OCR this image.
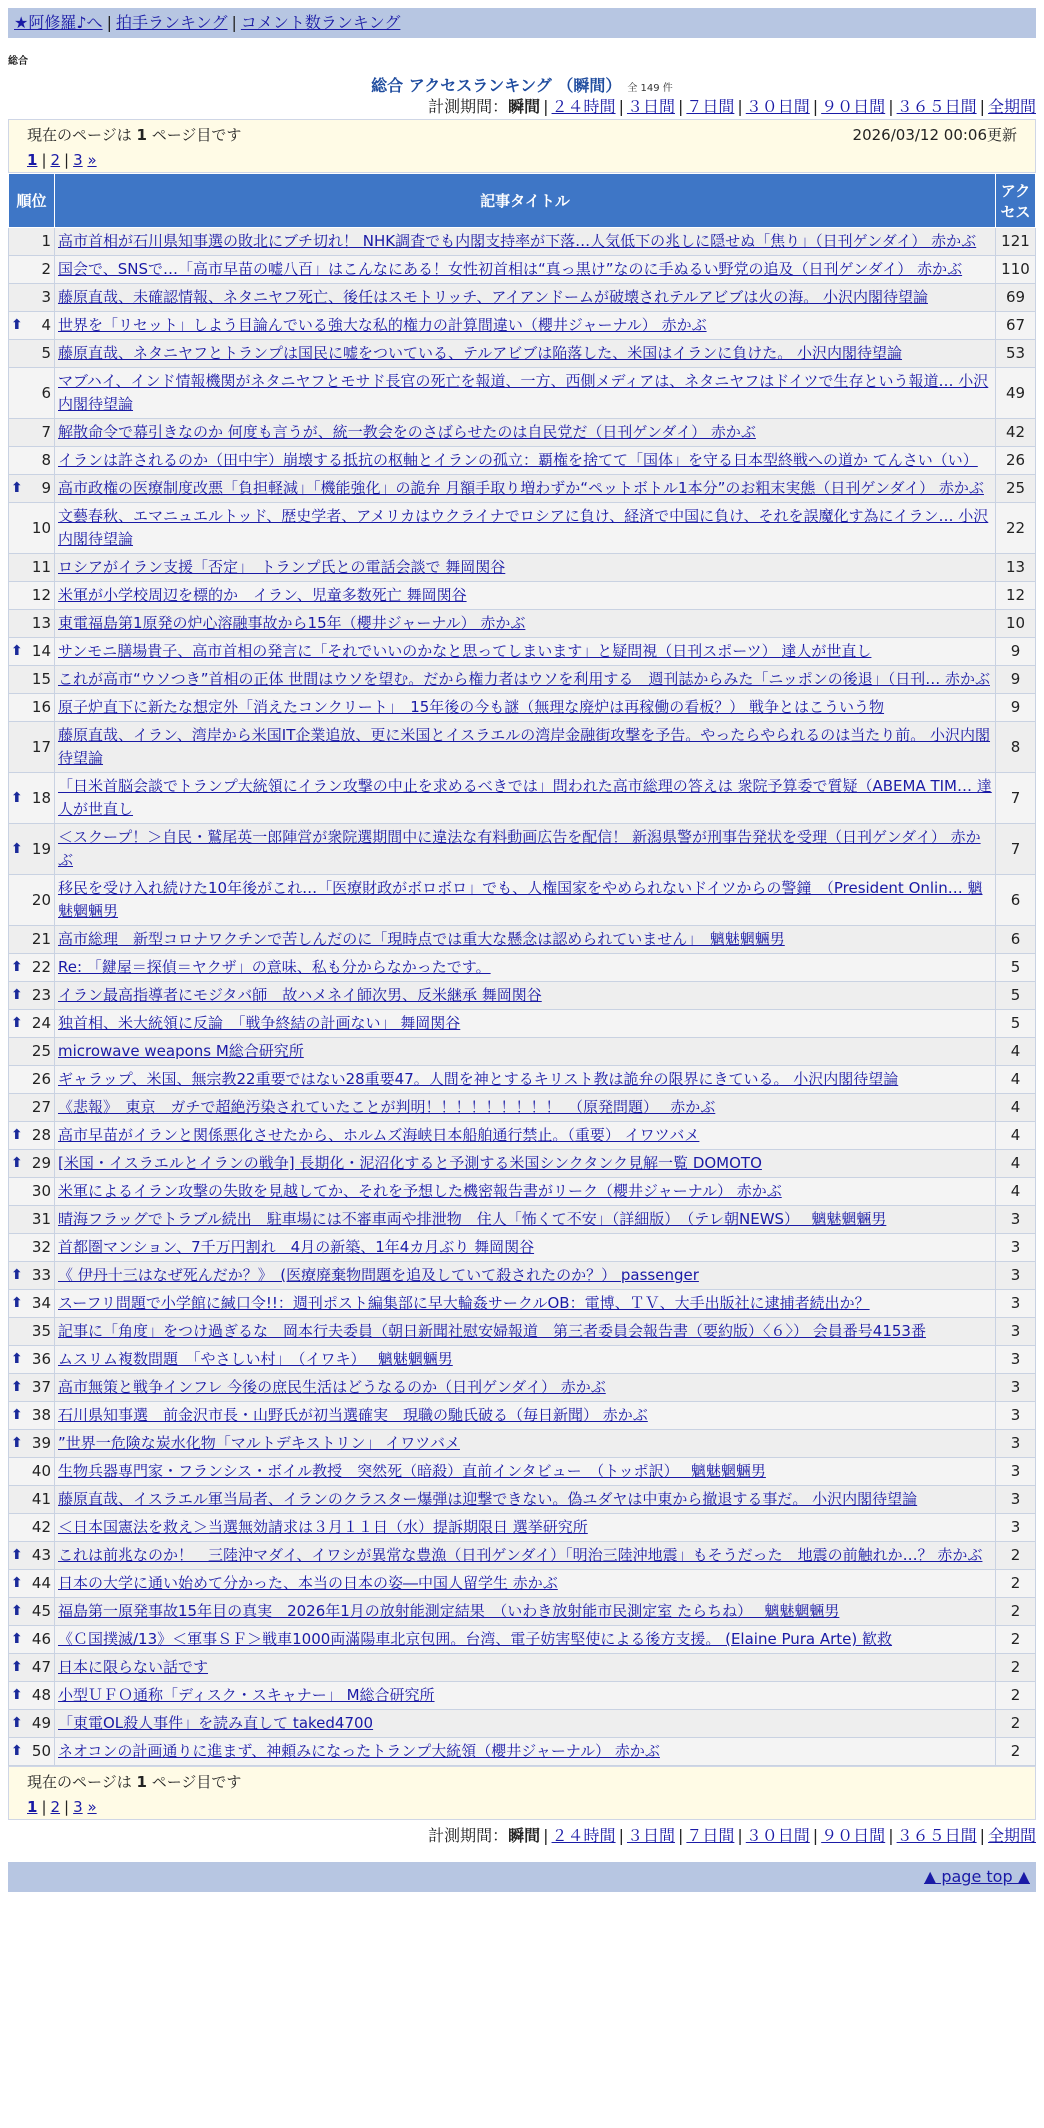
★阿修羅♪へ | 拍手ランキング | コメント数ランキング
総合
総合 アクセスランキング （瞬間） 全 149 件
計測期間：瞬間 | ２４時間 | ３日間 | ７日間 | ３０日間 | ９０日間 | ３６５日間 | 全期間
現在のページは 1 ページ目です	2026/03/12 00:06更新
1 | 2 | 3 »
順位	記事タイトル	アクセス
1	高市首相が石川県知事選の敗北にブチ切れ！ NHK調査でも内閣支持率が下落…人気低下の兆しに隠せぬ「焦り」（日刊ゲンダイ） 赤かぶ	121
2	国会で、SNSで…「高市早苗の嘘八百」はこんなにある！女性初首相は“真っ黒け”なのに手ぬるい野党の追及（日刊ゲンダイ） 赤かぶ	110
3	藤原直哉、未確認情報、ネタニヤフ死亡、後任はスモトリッチ、アイアンドームが破壊されテルアビブは火の海。 小沢内閣待望論	69

⬆ 4	世界を「リセット」しよう目論んでいる強大な私的権力の計算間違い（櫻井ジャーナル） 赤かぶ	67
5	藤原直哉、ネタニヤフとトランプは国民に嘘をついている、テルアビブは陥落した、米国はイランに負けた。 小沢内閣待望論	53
6	マブハイ、インド情報機関がネタニヤフとモサド長官の死亡を報道、一方、西側メディアは、ネタニヤフはドイツで生存という報道… 小沢内閣待望論	49
7	解散命令で幕引きなのか 何度も言うが、統一教会をのさばらせたのは自民党だ（日刊ゲンダイ） 赤かぶ	42
8	イランは許されるのか（田中宇）崩壊する抵抗の枢軸とイランの孤立：覇権を捨てて「国体」を守る日本型終戦への道か てんさい（い）	26

⬆ 9	高市政権の医療制度改悪「負担軽減」「機能強化」の詭弁 月額手取り増わずか“ペットボトル1本分”のお粗末実態（日刊ゲンダイ） 赤かぶ	25
10	文藝春秋、エマニュエルトッド、歴史学者、アメリカはウクライナでロシアに負け、経済で中国に負け、それを誤魔化す為にイラン… 小沢内閣待望論	22
11	ロシアがイラン支援「否定」　トランプ氏との電話会談で 舞岡関谷	13
12	米軍が小学校周辺を標的か　イラン、児童多数死亡 舞岡関谷	12
13	東電福島第1原発の炉心溶融事故から15年（櫻井ジャーナル） 赤かぶ	10

⬆ 14	サンモニ膳場貴子、高市首相の発言に「それでいいのかなと思ってしまいます」と疑問視（日刊スポーツ） 達人が世直し	9
15	これが高市“ウソつき”首相の正体 世間はウソを望む。だから権力者はウソを利用する　週刊誌からみた「ニッポンの後退」（日刊… 赤かぶ	9
16	原子炉直下に新たな想定外「消えたコンクリート」　15年後の今も謎（無理な廃炉は再稼働の看板？） 戦争とはこういう物	9
17	藤原直哉、イラン、湾岸から米国IT企業追放、更に米国とイスラエルの湾岸金融街攻撃を予告。やったらやられるのは当たり前。 小沢内閣待望論	8

⬆ 18	「日米首脳会談でトランプ大統領にイラン攻撃の中止を求めるべきでは」問われた高市総理の答えは 衆院予算委で質疑（ABEMA TIM… 達人が世直し	7

⬆ 19	＜スクープ！＞自民・鷲尾英一郎陣営が衆院選期間中に違法な有料動画広告を配信！ 新潟県警が刑事告発状を受理（日刊ゲンダイ） 赤かぶ	7
20	移民を受け入れ続けた10年後がこれ…「医療財政がボロボロ」でも、人権国家をやめられないドイツからの警鐘　（President Onlin… 魑魅魍魎男	6
21	高市総理　新型コロナワクチンで苦しんだのに「現時点では重大な懸念は認められていません」　魑魅魍魎男	6

⬆ 22	Re: 「鍵屋＝探偵＝ヤクザ」の意味、私も分からなかったです。	5

⬆ 23	イラン最高指導者にモジタバ師　故ハメネイ師次男、反米継承 舞岡関谷	5

⬆ 24	独首相、米大統領に反論　「戦争終結の計画ない」 舞岡関谷	5
25	microwave weapons M総合研究所	4
26	ギャラップ、米国、無宗教22重要ではない28重要47。人間を神とするキリスト教は詭弁の限界にきている。 小沢内閣待望論	4
27	《悲報》　東京　ガチで超絶汚染されていたことが判明！！！！！！！！！　（原発問題）　 赤かぶ	4

⬆ 28	高市早苗がイランと関係悪化させたから、ホルムズ海峡日本船舶通行禁止。（重要） イワツバメ	4

⬆ 29	[米国・イスラエルとイランの戦争] 長期化・泥沼化すると予測する米国シンクタンク見解一覧 DOMOTO	4
30	米軍によるイラン攻撃の失敗を見越してか、それを予想した機密報告書がリーク（櫻井ジャーナル） 赤かぶ	4
31	晴海フラッグでトラブル続出　駐車場には不審車両や排泄物　住人「怖くて不安」（詳細版）　（テレ朝NEWS）　 魑魅魍魎男	3
32	首都圏マンション、7千万円割れ　4月の新築、1年4カ月ぶり 舞岡関谷	3

⬆ 33	《 伊丹十三はなぜ死んだか？》　(医療廃棄物問題を追及していて殺されたのか？） passenger	3

⬆ 34	スーフリ問題で小学館に緘口令!!：週刊ポスト編集部に早大輪姦サークルOB：電博、ＴＶ、大手出版社に逮捕者続出か？	3
35	記事に「角度」をつけ過ぎるな　岡本行夫委員（朝日新聞社慰安婦報道　第三者委員会報告書（要約版）〈６〉） 会員番号4153番	3

⬆ 36	ムスリム複数問題　「やさしい村」　（イワキ）　 魑魅魍魎男	3

⬆ 37	高市無策と戦争インフレ 今後の庶民生活はどうなるのか（日刊ゲンダイ） 赤かぶ	3

⬆ 38	石川県知事選　前金沢市長・山野氏が初当選確実　現職の馳氏破る（毎日新聞） 赤かぶ	3

⬆ 39	”世界一危険な炭水化物「マルトデキストリン」 イワツバメ	3
40	生物兵器専門家・フランシス・ボイル教授　突然死（暗殺）直前インタビュー　（トッポ訳）　 魑魅魍魎男	3
41	藤原直哉、イスラエル軍当局者、イランのクラスター爆弾は迎撃できない。偽ユダヤは中東から撤退する事だ。 小沢内閣待望論	3
42	＜日本国憲法を救え＞当選無効請求は３月１１日（水）提訴期限日 選挙研究所	3

⬆ 43	これは前兆なのか！　三陸沖マダイ、イワシが異常な豊漁（日刊ゲンダイ）「明治三陸沖地震」もそうだった　地震の前触れか…？ 赤かぶ	2

⬆ 44	日本の大学に通い始めて分かった、本当の日本の姿―中国人留学生 赤かぶ	2

⬆ 45	福島第一原発事故15年目の真実　2026年1月の放射能測定結果　（いわき放射能市民測定室 たらちね）　 魑魅魍魎男	2

⬆ 46	《Ｃ国撲滅/13》＜軍事ＳＦ＞戦車1000両滿陽車北京包囲。台湾、電子妨害堅使による後方支援。 (Elaine Pura Arte) 歓救	2

⬆ 47	日本に限らない話です	2

⬆ 48	小型ＵＦＯ通称「ディスク・スキャナー」 M総合研究所	2

⬆ 49	「東電OL殺人事件」を読み直して taked4700	2

⬆ 50	ネオコンの計画通りに進まず、神頼みになったトランプ大統領（櫻井ジャーナル） 赤かぶ	2
現在のページは 1 ページ目です
1 | 2 | 3 »
計測期間：瞬間 | ２４時間 | ３日間 | ７日間 | ３０日間 | ９０日間 | ３６５日間 | 全期間
▲ page top ▲
